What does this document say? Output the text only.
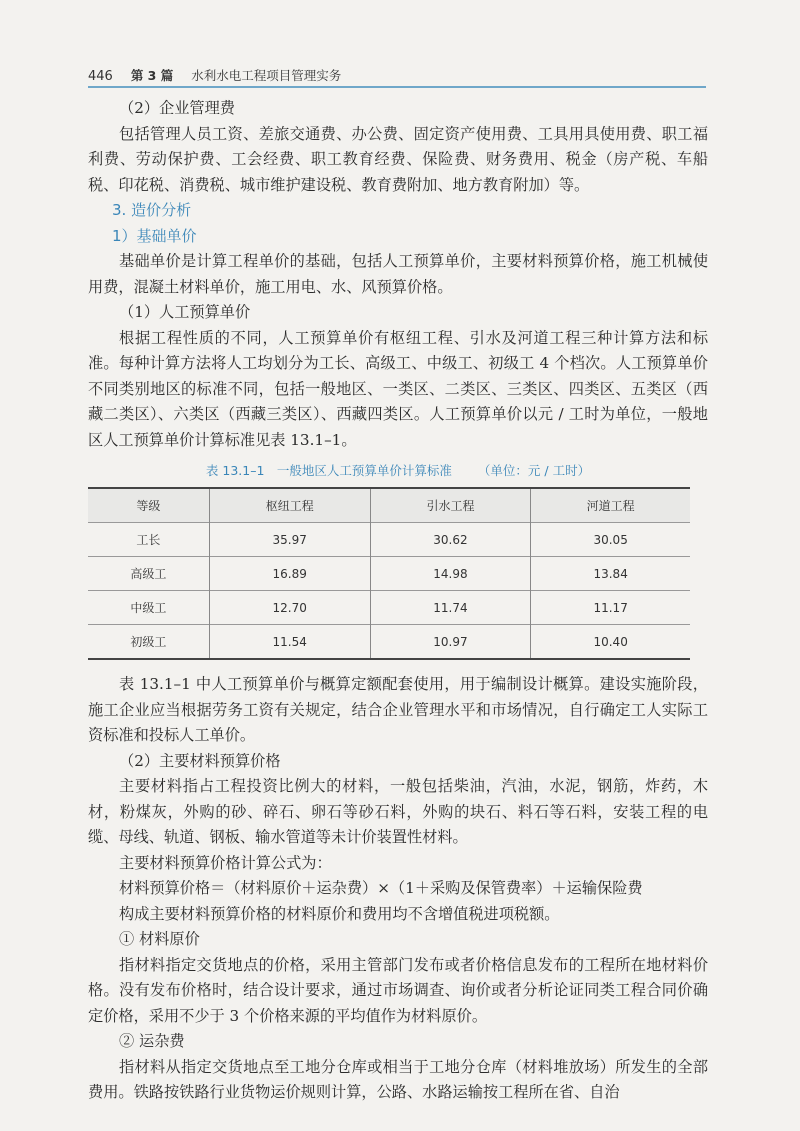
446 第 3 篇 水利水电工程项目管理实务

（2）企业管理费

包括管理人员工资、差旅交通费、办公费、固定资产使用费、工具用具使用费、职工福利费、劳动保护费、工会经费、职工教育经费、保险费、财务费用、税金（房产税、车船税、印花税、消费税、城市维护建设税、教育费附加、地方教育附加）等。

3. 造价分析
1）基础单价

基础单价是计算工程单价的基础，包括人工预算单价，主要材料预算价格，施工机械使用费，混凝土材料单价，施工用电、水、风预算价格。

（1）人工预算单价

根据工程性质的不同，人工预算单价有枢纽工程、引水及河道工程三种计算方法和标准。每种计算方法将人工均划分为工长、高级工、中级工、初级工 4 个档次。人工预算单价不同类别地区的标准不同，包括一般地区、一类区、二类区、三类区、四类区、五类区（西藏二类区）、六类区（西藏三类区）、西藏四类区。人工预算单价以元 / 工时为单位，一般地区人工预算单价计算标准见表 13.1–1。

表 13.1–1　一般地区人工预算单价计算标准 （单位：元 / 工时）
等级	枢纽工程	引水工程	河道工程
工长	35.97	30.62	30.05
高级工	16.89	14.98	13.84
中级工	12.70	11.74	11.17
初级工	11.54	10.97	10.40

表 13.1–1 中人工预算单价与概算定额配套使用，用于编制设计概算。建设实施阶段，施工企业应当根据劳务工资有关规定，结合企业管理水平和市场情况，自行确定工人实际工资标准和投标人工单价。

（2）主要材料预算价格

主要材料指占工程投资比例大的材料，一般包括柴油，汽油，水泥，钢筋，炸药，木材，粉煤灰，外购的砂、碎石、卵石等砂石料，外购的块石、料石等石料，安装工程的电缆、母线、轨道、钢板、输水管道等未计价装置性材料。

主要材料预算价格计算公式为：

材料预算价格＝（材料原价＋运杂费）×（1＋采购及保管费率）＋运输保险费

构成主要材料预算价格的材料原价和费用均不含增值税进项税额。

① 材料原价

指材料指定交货地点的价格，采用主管部门发布或者价格信息发布的工程所在地材料价格。没有发布价格时，结合设计要求，通过市场调查、询价或者分析论证同类工程合同价确定价格，采用不少于 3 个价格来源的平均值作为材料原价。

② 运杂费

指材料从指定交货地点至工地分仓库或相当于工地分仓库（材料堆放场）所发生的全部费用。铁路按铁路行业货物运价规则计算，公路、水路运输按工程所在省、自治
